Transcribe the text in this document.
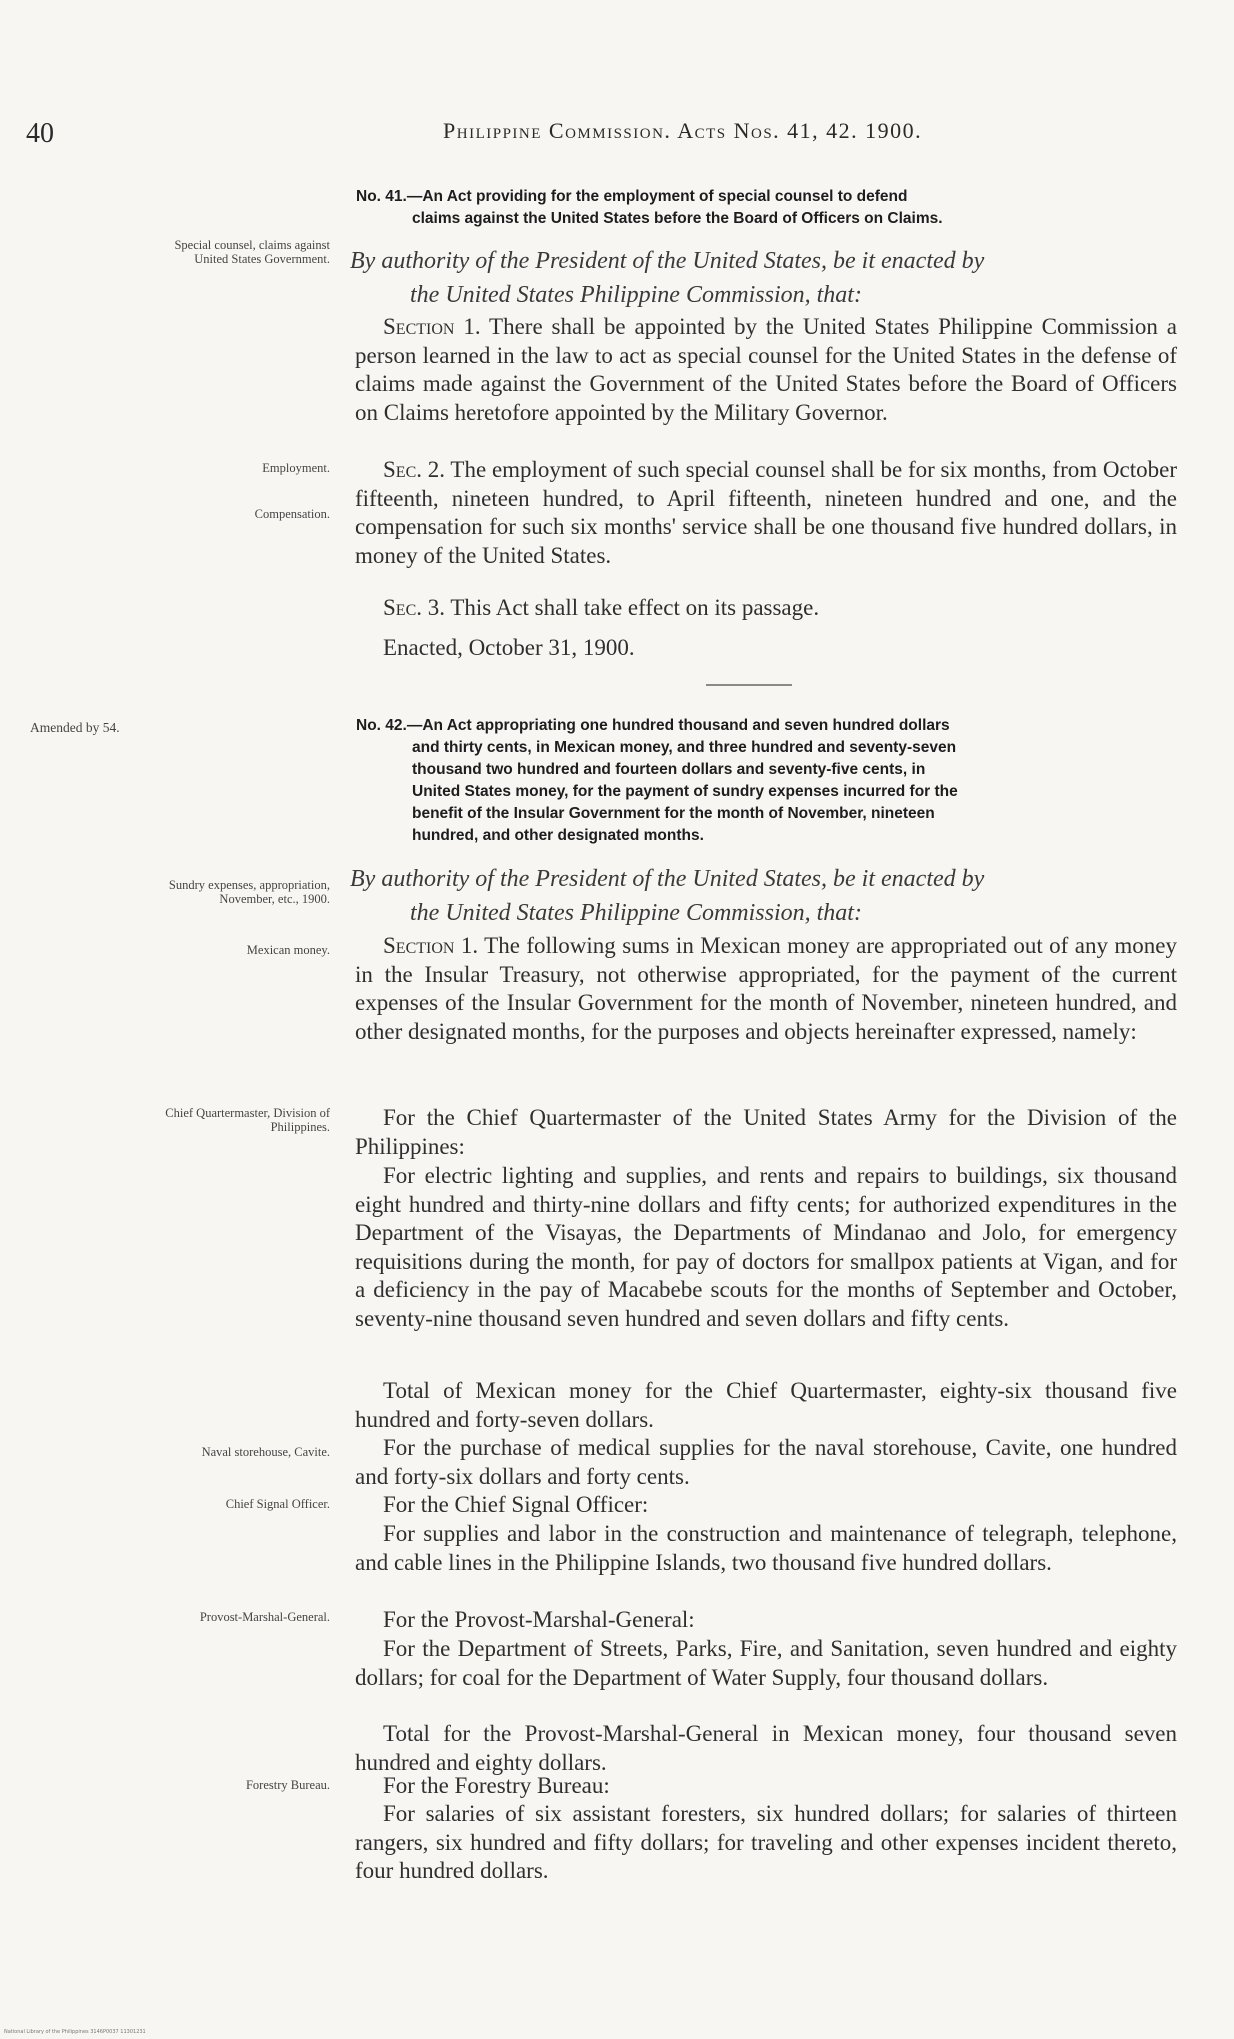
40	Philippine Commission. Acts Nos. 41, 42. 1900.
No. 41.—An Act providing for the employment of special counsel to defend
claims against the United States before the Board of Officers on Claims.
Special counsel, claims against United States Government. By authority of the President of the United States, be it enacted by
the United States Philippine Commission, that:
Section 1. There shall be appointed by the United States Philippine Commission a person learned in the law to act as special counsel for the United States in the defense of claims made against the Government of the United States before the Board of Officers on Claims heretofore appointed by the Military Governor.
Employment.
Compensation.
Sec. 2. The employment of such special counsel shall be for six months, from October fifteenth, nineteen hundred, to April fifteenth, nineteen hundred and one, and the compensation for such six months' service shall be one thousand five hundred dollars, in money of the United States.
Sec. 3. This Act shall take effect on its passage.
Enacted, October 31, 1900.
Amended by 54.	No. 42.—An Act appropriating one hundred thousand and seven hundred dollars
and thirty cents, in Mexican money, and three hundred and seventy-seven
thousand two hundred and fourteen dollars and seventy-five cents, in
United States money, for the payment of sundry expenses incurred for the
benefit of the Insular Government for the month of November, nineteen
hundred, and other designated months.
Sundry expenses, appropriation, November, etc., 1900.
By authority of the President of the United States, be it enacted by
the United States Philippine Commission, that:
Mexican money.	Section 1. The following sums in Mexican money are appropriated out of any money in the Insular Treasury, not otherwise appropriated, for the payment of the current expenses of the Insular Government for the month of November, nineteen hundred, and other designated months, for the purposes and objects hereinafter expressed, namely:
Chief Quartermaster, Division of Philippines.	For the Chief Quartermaster of the United States Army for the Division of the Philippines:
For electric lighting and supplies, and rents and repairs to buildings, six thousand eight hundred and thirty-nine dollars and fifty cents; for authorized expenditures in the Department of the Visayas, the Departments of Mindanao and Jolo, for emergency requisitions during the month, for pay of doctors for smallpox patients at Vigan, and for a deficiency in the pay of Macabebe scouts for the months of September and October, seventy-nine thousand seven hundred and seven dollars and fifty cents.
Total of Mexican money for the Chief Quartermaster, eighty-six thousand five hundred and forty-seven dollars.
Naval storehouse, Cavite.	For the purchase of medical supplies for the naval storehouse, Cavite, one hundred and forty-six dollars and forty cents.
Chief Signal Officer.	For the Chief Signal Officer:
For supplies and labor in the construction and maintenance of telegraph, telephone, and cable lines in the Philippine Islands, two thousand five hundred dollars.
Provost-Marshal-General.	For the Provost-Marshal-General:
For the Department of Streets, Parks, Fire, and Sanitation, seven hundred and eighty dollars; for coal for the Department of Water Supply, four thousand dollars.
Total for the Provost-Marshal-General in Mexican money, four thousand seven hundred and eighty dollars.
Forestry Bureau.	For the Forestry Bureau:
For salaries of six assistant foresters, six hundred dollars; for salaries of thirteen rangers, six hundred and fifty dollars; for traveling and other expenses incident thereto, four hundred dollars.
National Library of the Philippines 3146P0037 11301231
